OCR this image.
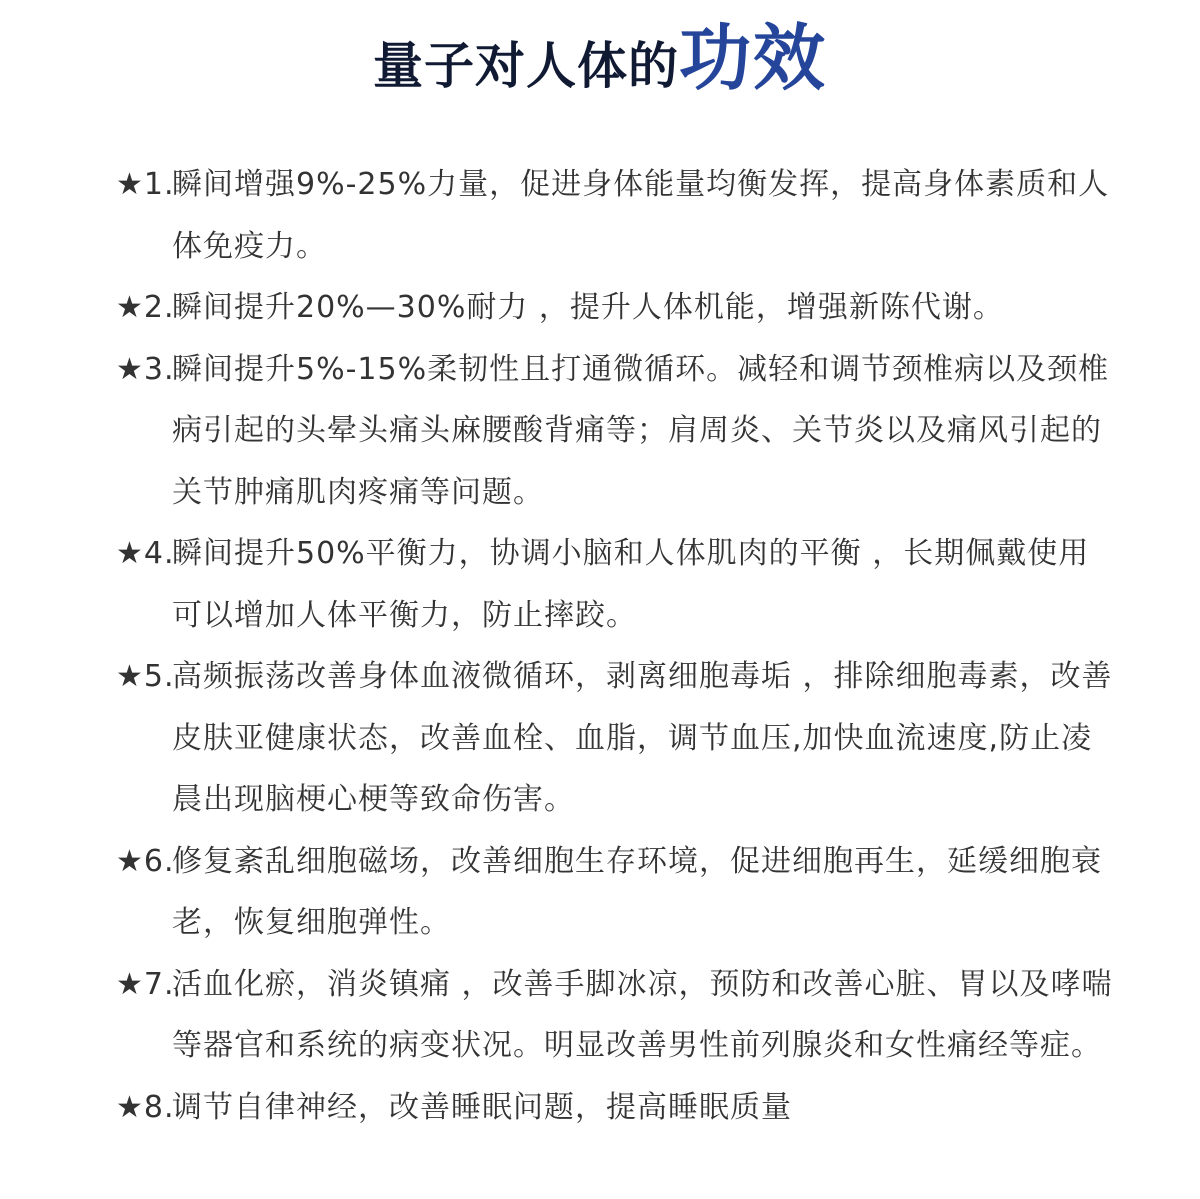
量子对人体的功效
★1.
瞬间增强9%-25%力量，促进身体能量均衡发挥，提高身体素质和人体免疫力。
★2.
瞬间提升20%—30%耐力 ，提升人体机能，增强新陈代谢。
★3.
瞬间提升5%-15%柔韧性且打通微循环。减轻和调节颈椎病以及颈椎病引起的头晕头痛头麻腰酸背痛等；肩周炎、关节炎以及痛风引起的关节肿痛肌肉疼痛等问题。
★4.
瞬间提升50%平衡力，协调小脑和人体肌肉的平衡 ，长期佩戴使用可以增加人体平衡力，防止摔跤。
★5.
高频振荡改善身体血液微循环，剥离细胞毒垢 ，排除细胞毒素，改善皮肤亚健康状态，改善血栓、血脂，调节血压,加快血流速度,防止凌晨出现脑梗心梗等致命伤害。
★6.
修复紊乱细胞磁场，改善细胞生存环境，促进细胞再生，延缓细胞衰老，恢复细胞弹性。
★7.
活血化瘀，消炎镇痛 ，改善手脚冰凉，预防和改善心脏、胃以及哮喘等器官和系统的病变状况。明显改善男性前列腺炎和女性痛经等症。
★8.
调节自律神经，改善睡眠问题，提高睡眠质量
